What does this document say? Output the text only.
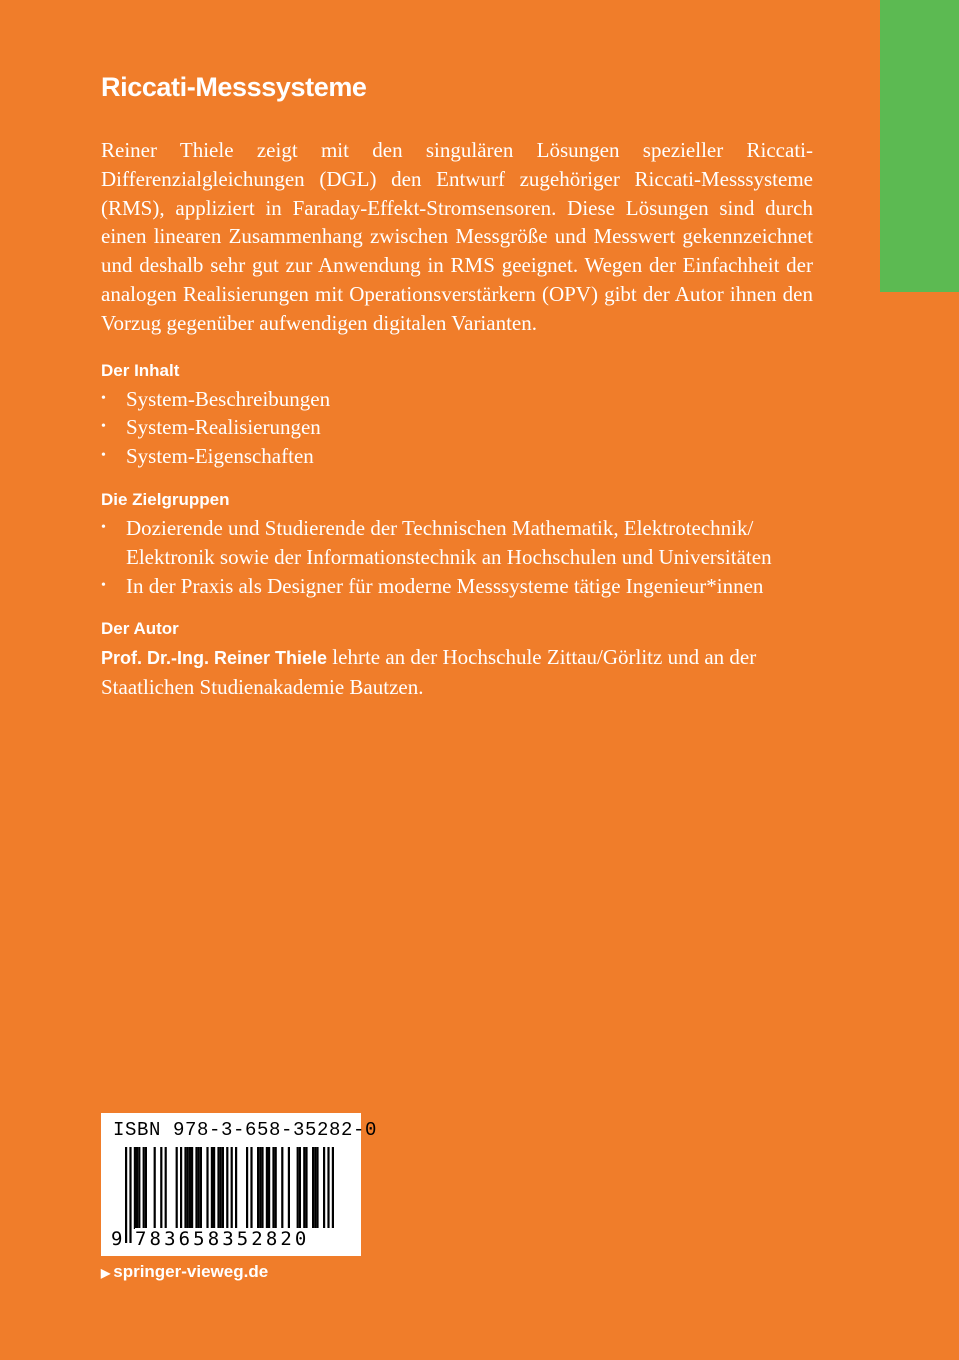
Riccati-Messsysteme

Reiner Thiele zeigt mit den singulären Lösungen spezieller Riccati-Differenzialgleichungen (DGL) den Entwurf zugehöriger Riccati-Messsysteme (RMS), appliziert in Faraday-Effekt-Stromsensoren. Diese Lösungen sind durch einen linearen Zusammenhang zwischen Messgröße und Messwert gekennzeichnet und deshalb sehr gut zur Anwendung in RMS geeignet. Wegen der Einfachheit der analogen Realisierungen mit Operationsverstärkern (OPV) gibt der Autor ihnen den Vorzug gegenüber aufwendigen digitalen Varianten.

Der Inhalt

• System-Beschreibungen
• System-Realisierungen
• System-Eigenschaften

Die Zielgruppen

• Dozierende und Studierende der Technischen Mathematik, Elektrotechnik/ Elektronik sowie der Informationstechnik an Hochschulen und Universitäten
• In der Praxis als Designer für moderne Messsysteme tätige Ingenieur*innen

Der Autor

Prof. Dr.-Ing. Reiner Thiele lehrte an der Hochschule Zittau/Görlitz und an der Staatlichen Studienakademie Bautzen.

ISBN 978-3-658-35282-0
9 783658352820
▶ springer-vieweg.de
